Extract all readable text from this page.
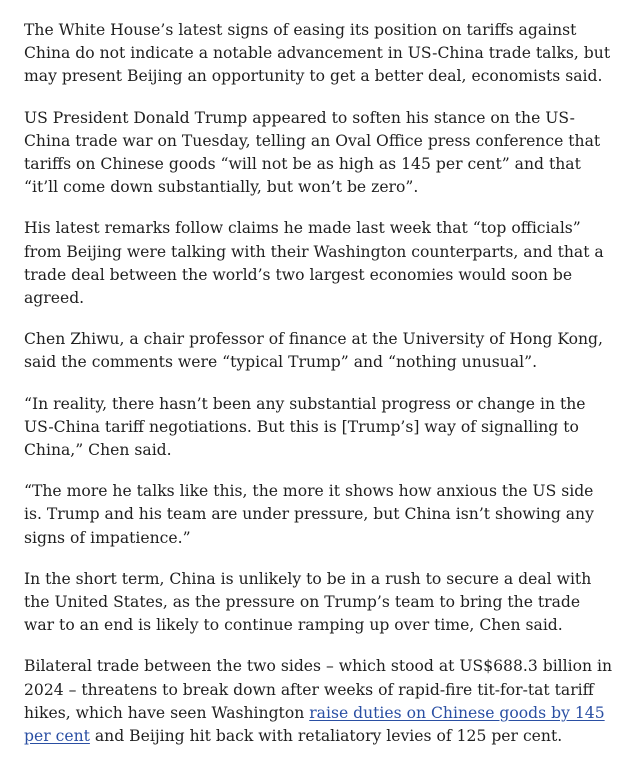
The White House’s latest signs of easing its position on tariffs against China do not indicate a notable advancement in US-China trade talks, but may present Beijing an opportunity to get a better deal, economists said.

US President Donald Trump appeared to soften his stance on the US-China trade war on Tuesday, telling an Oval Office press conference that tariffs on Chinese goods “will not be as high as 145 per cent” and that “it’ll come down substantially, but won’t be zero”.

His latest remarks follow claims he made last week that “top officials” from Beijing were talking with their Washington counterparts, and that a trade deal between the world’s two largest economies would soon be agreed.

Chen Zhiwu, a chair professor of finance at the University of Hong Kong, said the comments were “typical Trump” and “nothing unusual”.

“In reality, there hasn’t been any substantial progress or change in the US-China tariff negotiations. But this is [Trump’s] way of signalling to China,” Chen said.

“The more he talks like this, the more it shows how anxious the US side is. Trump and his team are under pressure, but China isn’t showing any signs of impatience.”

In the short term, China is unlikely to be in a rush to secure a deal with the United States, as the pressure on Trump’s team to bring the trade war to an end is likely to continue ramping up over time, Chen said.

Bilateral trade between the two sides – which stood at US$688.3 billion in 2024 – threatens to break down after weeks of rapid-fire tit-for-tat tariff hikes, which have seen Washington raise duties on Chinese goods by 145 per cent and Beijing hit back with retaliatory levies of 125 per cent.
